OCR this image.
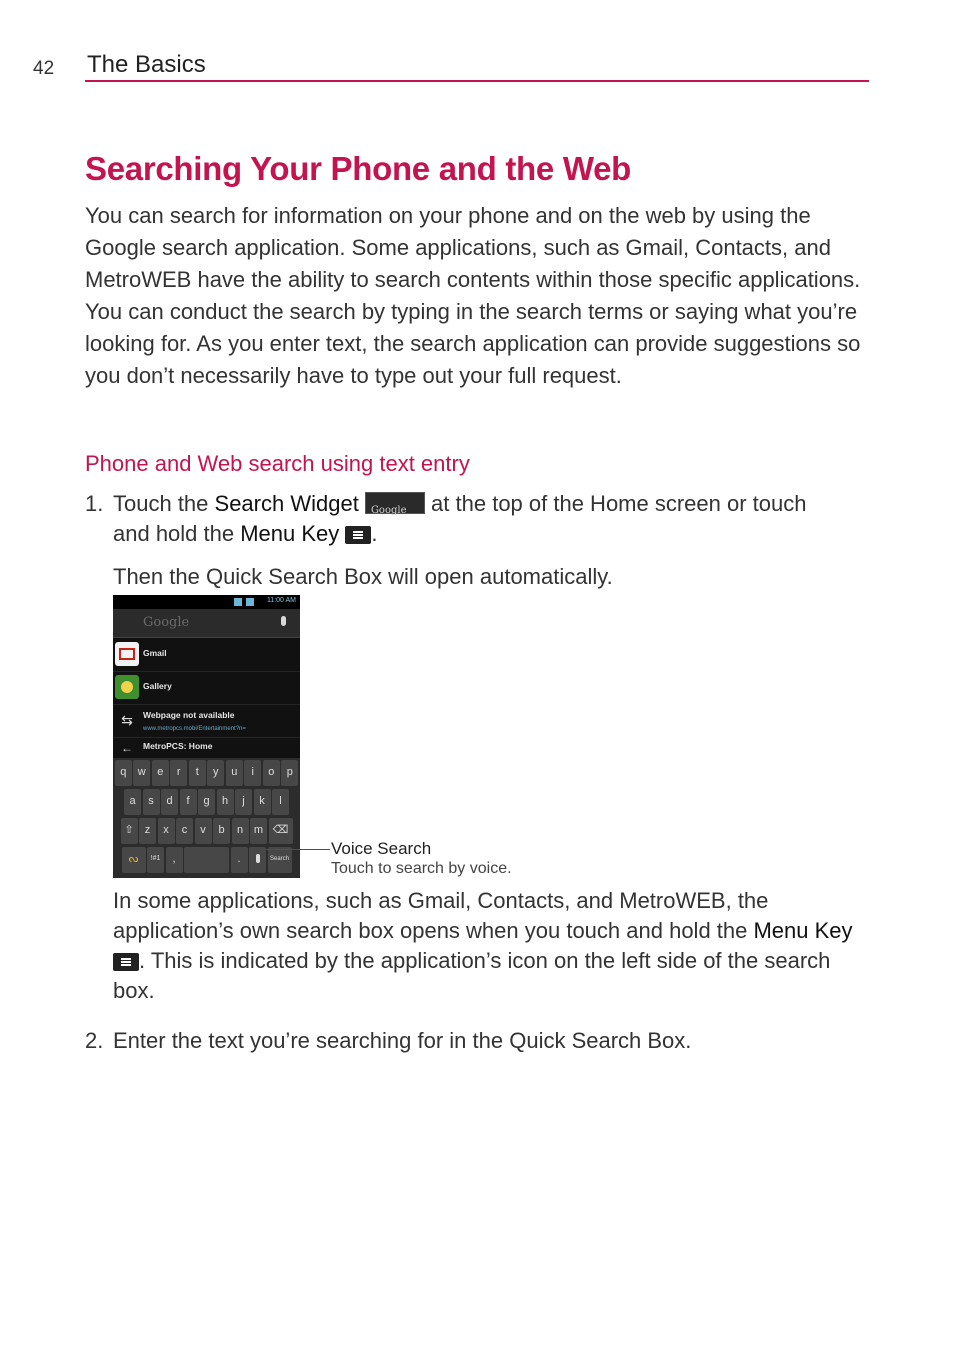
42 The Basics
Searching Your Phone and the Web
You can search for information on your phone and on the web by using the Google search application. Some applications, such as Gmail, Contacts, and MetroWEB have the ability to search contents within those specific applications. You can conduct the search by typing in the search terms or saying what you’re looking for. As you enter text, the search application can provide suggestions so you don’t necessarily have to type out your full request.
Phone and Web search using text entry
1. Touch the Search Widget Google at the top of the Home screen or touch
and hold the Menu Key .
Then the Quick Search Box will open automatically.
11:00 AM
Google
Gmail
Gallery
⇆	Webpage not available
www.metropcs.mobi/Entertainment?n=
←	MetroPCS: Home
q	w	e	r	t	y	u	i	o	p
a	s	d	f	g	h	j	k	l
⇧	z	x	c	v	b	n m ⌫
ᔓ	!#1	,	.	Search
Voice Search
Touch to search by voice.
In some applications, such as Gmail, Contacts, and MetroWEB, the application’s own search box opens when you touch and hold the Menu Key
. This is indicated by the application’s icon on the left side of the search box.
2. Enter the text you’re searching for in the Quick Search Box.
